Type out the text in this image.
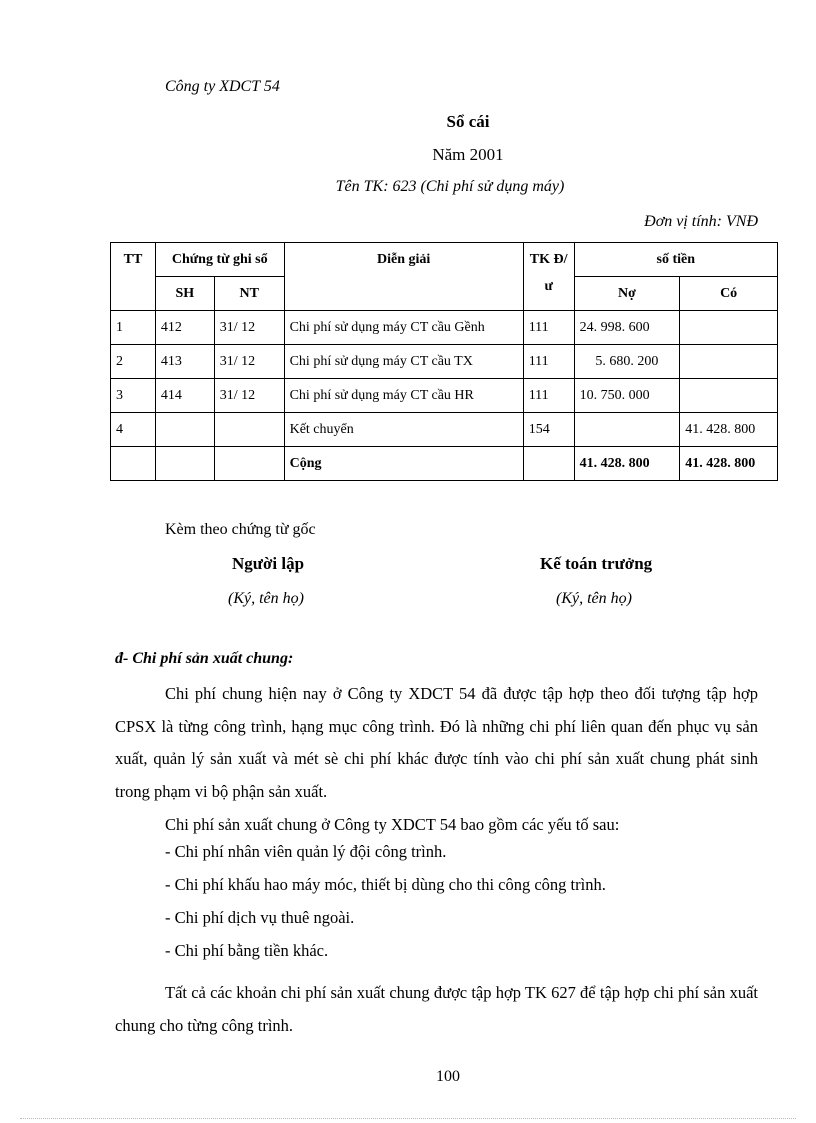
Công ty XDCT 54
Sổ cái
Năm 2001
Tên TK: 623 (Chi phí sử dụng máy)
Đơn vị tính: VNĐ
TT	Chứng từ ghi sổ		Diễn giải	TK Đ/ ư	số tiền	
	SH	NT			Nợ	Có
1	412	31/ 12	Chi phí sử dụng máy CT cầu Gềnh	111	24. 998. 600	
2	413	31/ 12	Chi phí sử dụng máy CT cầu TX	111	5. 680. 200	
3	414	31/ 12	Chi phí sử dụng máy CT cầu HR	111	10. 750. 000	
4			Kết chuyển	154		41. 428. 800
			Cộng		41. 428. 800	41. 428. 800
Kèm theo chứng từ gốc
Người lập	Kế toán trưởng
(Ký, tên họ)	(Ký, tên họ)
đ- Chi phí sản xuất chung:
Chi phí chung hiện nay ở Công ty XDCT 54 đã được tập hợp theo đối tượng tập hợp CPSX là từng công trình, hạng mục công trình. Đó là những chi phí liên quan đến phục vụ sản xuất, quản lý sản xuất và mét sè chi phí khác được tính vào chi phí sản xuất chung phát sinh trong phạm vi bộ phận sản xuất.
Chi phí sản xuất chung ở Công ty XDCT 54 bao gồm các yếu tố sau:
- Chi phí nhân viên quản lý đội công trình.
- Chi phí khấu hao máy móc, thiết bị dùng cho thi công công trình.
- Chi phí dịch vụ thuê ngoài.
- Chi phí bằng tiền khác.
Tất cả các khoản chi phí sản xuất chung được tập hợp TK 627 để tập hợp chi phí sản xuất chung cho từng công trình.
100
